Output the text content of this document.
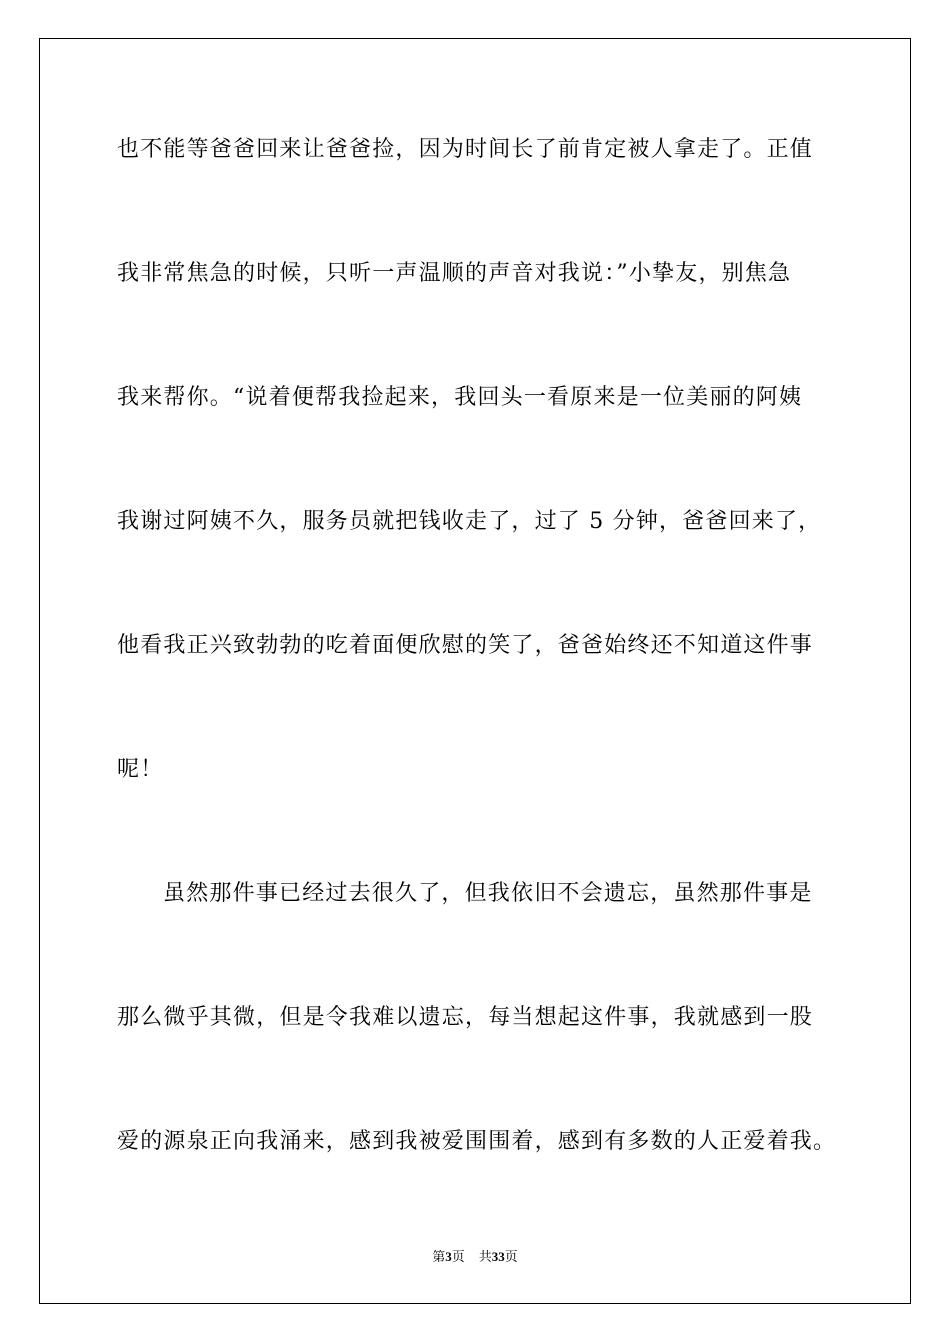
也不能等爸爸回来让爸爸捡，因为时间长了前肯定被人拿走了。正值
我非常焦急的时候，只听一声温顺的声音对我说：”小挚友，别焦急
我来帮你。“说着便帮我捡起来，我回头一看原来是一位美丽的阿姨
我谢过阿姨不久，服务员就把钱收走了，过了 5 分钟，爸爸回来了，
他看我正兴致勃勃的吃着面便欣慰的笑了，爸爸始终还不知道这件事
呢！
虽然那件事已经过去很久了，但我依旧不会遗忘，虽然那件事是
那么微乎其微，但是令我难以遗忘，每当想起这件事，我就感到一股
爱的源泉正向我涌来，感到我被爱围围着，感到有多数的人正爱着我。
第3页 共33页
